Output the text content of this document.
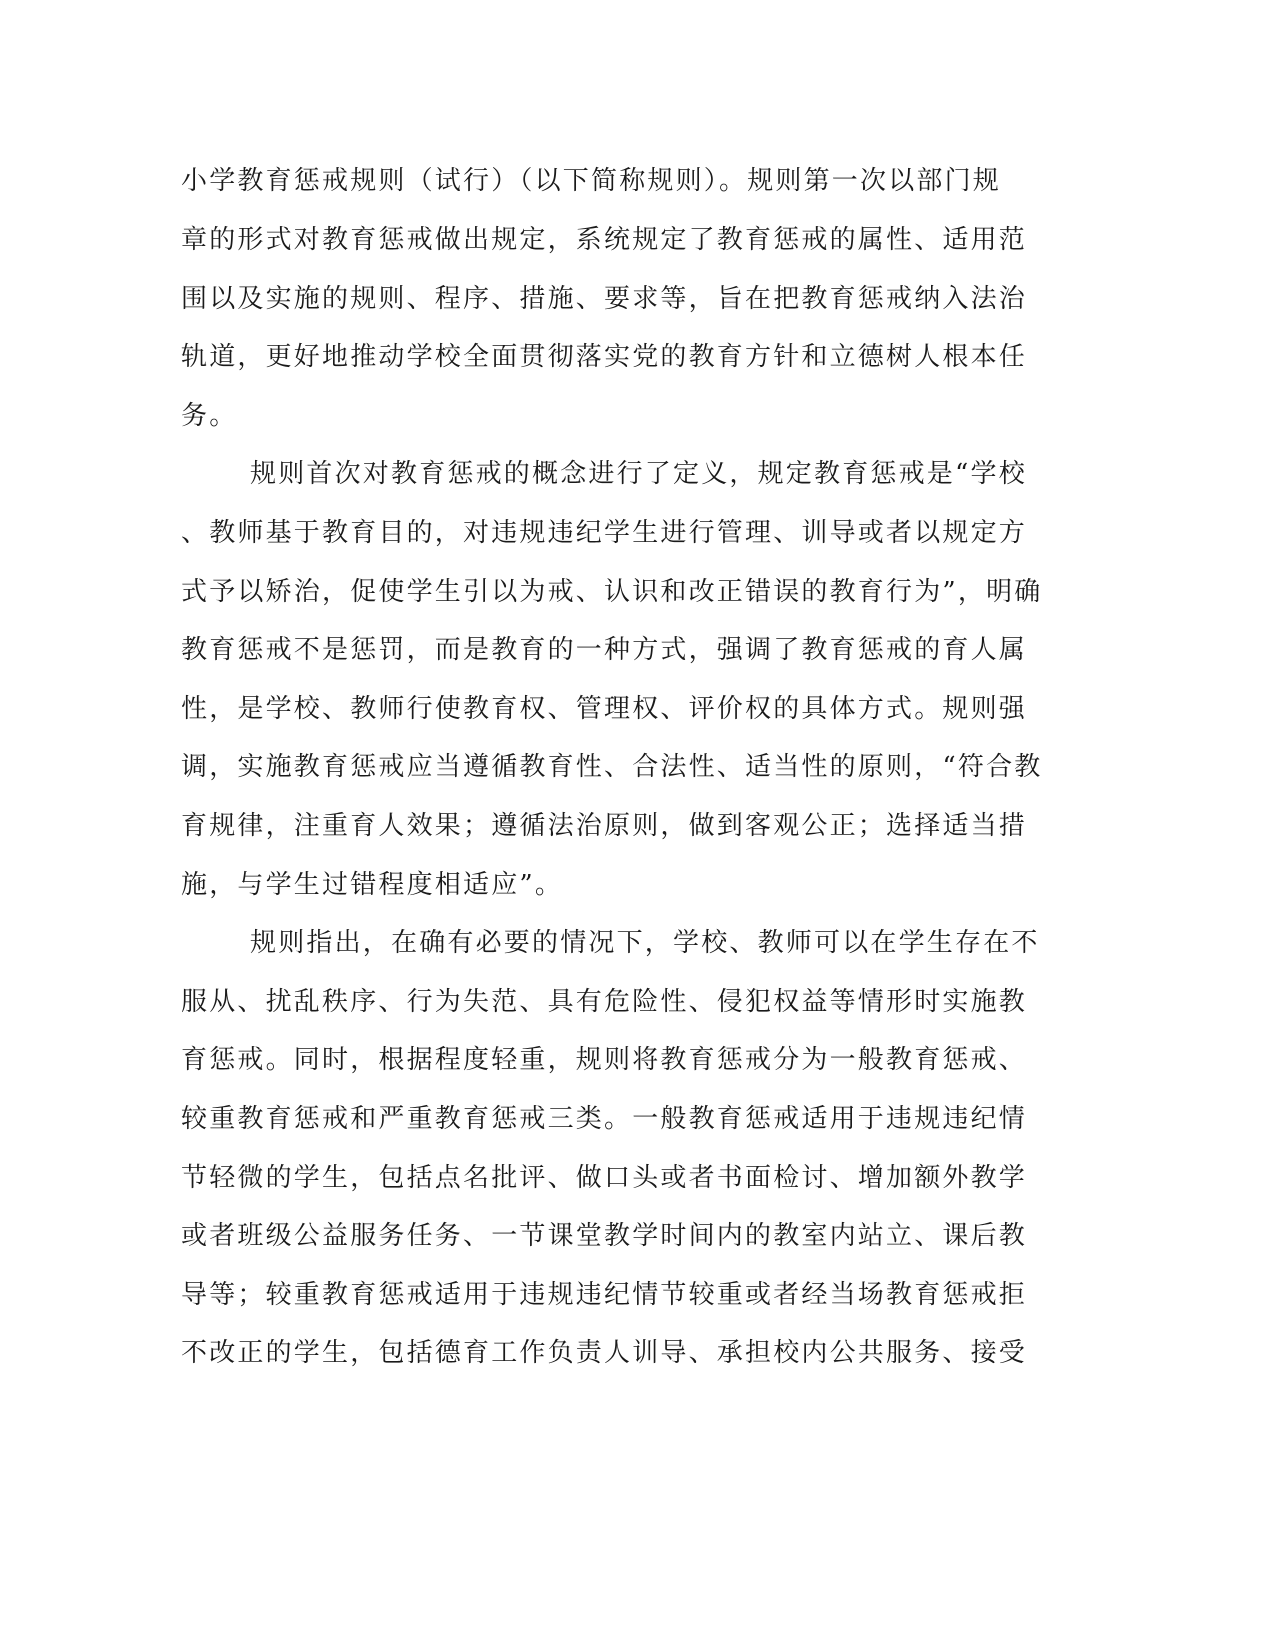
小学教育惩戒规则（试行）（以下简称规则）。规则第一次以部门规
章的形式对教育惩戒做出规定，系统规定了教育惩戒的属性、适用范
围以及实施的规则、程序、措施、要求等，旨在把教育惩戒纳入法治
轨道，更好地推动学校全面贯彻落实党的教育方针和立德树人根本任
务。
规则首次对教育惩戒的概念进行了定义，规定教育惩戒是“学校
、教师基于教育目的，对违规违纪学生进行管理、训导或者以规定方
式予以矫治，促使学生引以为戒、认识和改正错误的教育行为”，明确
教育惩戒不是惩罚，而是教育的一种方式，强调了教育惩戒的育人属
性，是学校、教师行使教育权、管理权、评价权的具体方式。规则强
调，实施教育惩戒应当遵循教育性、合法性、适当性的原则，“符合教
育规律，注重育人效果；遵循法治原则，做到客观公正；选择适当措
施，与学生过错程度相适应”。
规则指出，在确有必要的情况下，学校、教师可以在学生存在不
服从、扰乱秩序、行为失范、具有危险性、侵犯权益等情形时实施教
育惩戒。同时，根据程度轻重，规则将教育惩戒分为一般教育惩戒、
较重教育惩戒和严重教育惩戒三类。一般教育惩戒适用于违规违纪情
节轻微的学生，包括点名批评、做口头或者书面检讨、增加额外教学
或者班级公益服务任务、一节课堂教学时间内的教室内站立、课后教
导等；较重教育惩戒适用于违规违纪情节较重或者经当场教育惩戒拒
不改正的学生，包括德育工作负责人训导、承担校内公共服务、接受
